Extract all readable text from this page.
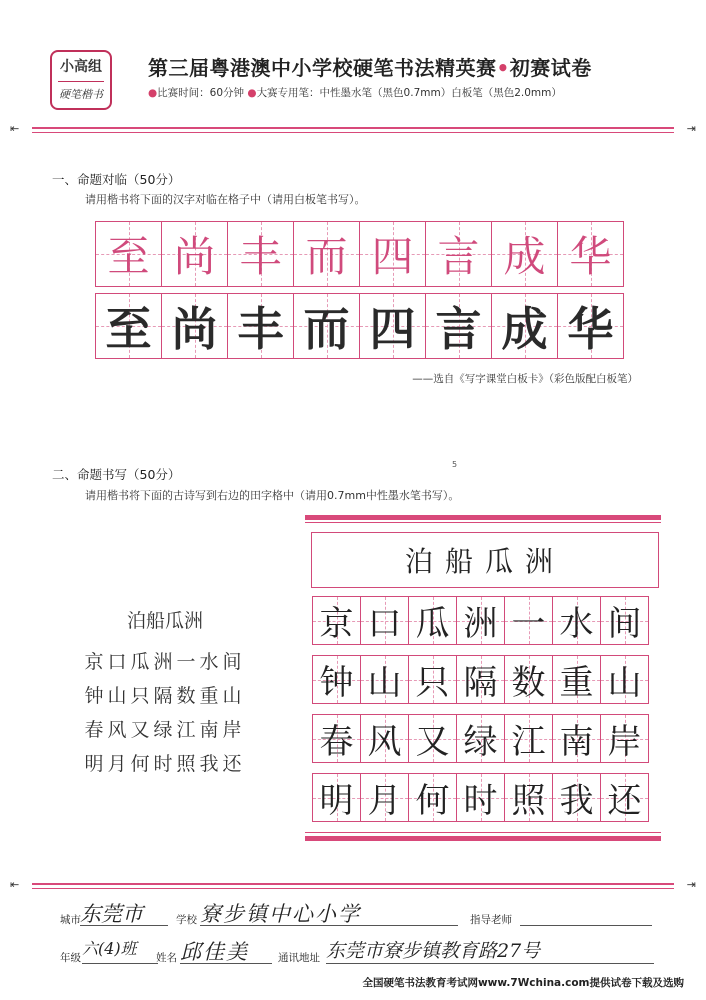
小高组
硬笔楷书
第三届粤港澳中小学校硬笔书法精英赛•初赛试卷
●比赛时间：60分钟 ●大赛专用笔：中性墨水笔（黑色0.7mm）白板笔（黑色2.0mm）
⇤	⇥
一、命题对临（50分）
请用楷书将下面的汉字对临在格子中（请用白板笔书写）。
至 尚 丰 而 四 言 成 华
至 尚 丰 而 四 言 成 华
——选自《写字课堂白板卡》（彩色版配白板笔）
5
二、命题书写（50分）
请用楷书将下面的古诗写到右边的田字格中（请用0.7mm中性墨水笔书写）。
泊船瓜洲
京口瓜洲一水间
钟山只隔数重山
春风又绿江南岸
明月何时照我还
泊船瓜洲
京 口 瓜 洲 一 水 间
钟 山 只 隔 数 重 山
春 风 又 绿 江 南 岸
明 月 何 时 照 我 还
⇤	⇥
城市 东莞市	学校 寮步镇中心小学	指导老师
年级 六(4)班	姓名 邱佳美	通讯地址 东莞市寮步镇教育路27号
全国硬笔书法教育考试网www.7Wchina.com提供试卷下载及选购
